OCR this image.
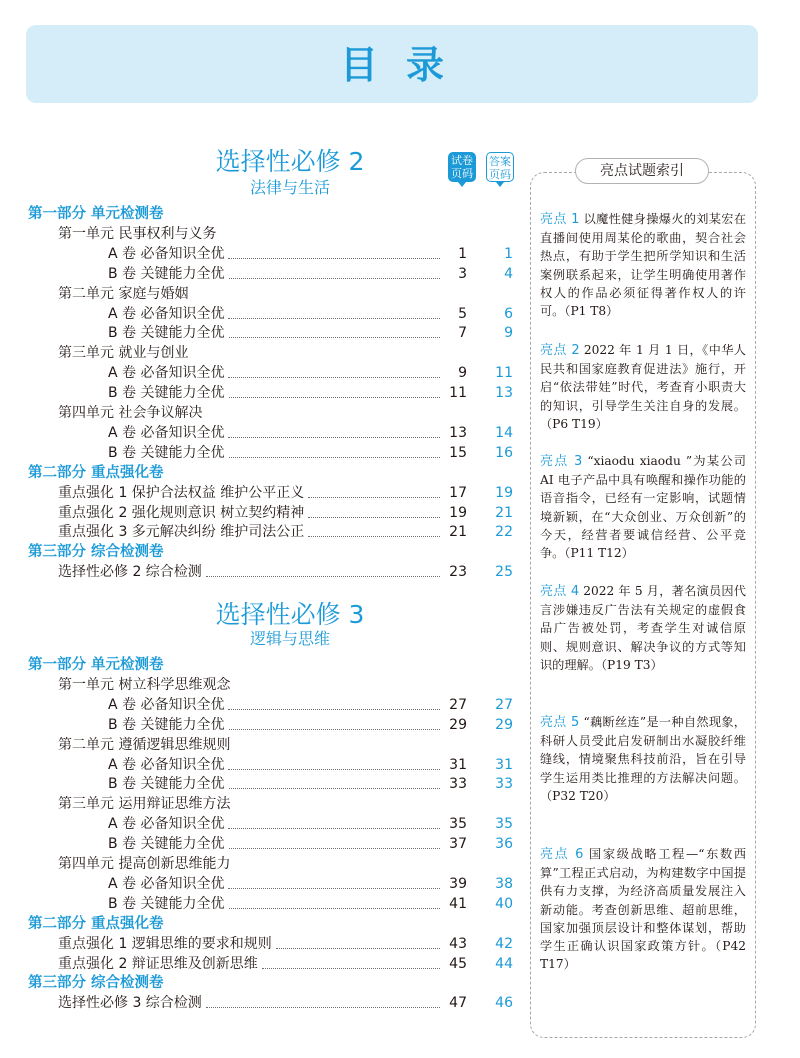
目录
选择性必修 2
法律与生活
试卷
页码
答案
页码
选择性必修 3
逻辑与思维
第一部分 单元检测卷
第一单元 民事权利与义务
A 卷 必备知识全优	1	1
B 卷 关键能力全优	3	4
第二单元 家庭与婚姻
A 卷 必备知识全优	5	6
B 卷 关键能力全优	7	9
第三单元 就业与创业
A 卷 必备知识全优	9	11
B 卷 关键能力全优	11	13
第四单元 社会争议解决
A 卷 必备知识全优	13	14
B 卷 关键能力全优	15	16
第二部分 重点强化卷
重点强化 1 保护合法权益 维护公平正义	17	19
重点强化 2 强化规则意识 树立契约精神	19	21
重点强化 3 多元解决纠纷 维护司法公正	21	22
第三部分 综合检测卷
选择性必修 2 综合检测	23	25
第一部分 单元检测卷
第一单元 树立科学思维观念
A 卷 必备知识全优	27	27
B 卷 关键能力全优	29	29
第二单元 遵循逻辑思维规则
A 卷 必备知识全优	31	31
B 卷 关键能力全优	33	33
第三单元 运用辩证思维方法
A 卷 必备知识全优	35	35
B 卷 关键能力全优	37	36
第四单元 提高创新思维能力
A 卷 必备知识全优	39	38
B 卷 关键能力全优	41	40
第二部分 重点强化卷
重点强化 1 逻辑思维的要求和规则	43	42
重点强化 2 辩证思维及创新思维	45	44
第三部分 综合检测卷
选择性必修 3 综合检测	47	46
亮点试题索引
亮点 1 以魔性健身操爆火的刘某宏在直播间使用周某伦的歌曲，契合社会热点，有助于学生把所学知识和生活案例联系起来，让学生明确使用著作权人的作品必须征得著作权人的许可。（P1 T8）
亮点 2 2022 年 1 月 1 日，《中华人民共和国家庭教育促进法》施行，开启“依法带娃”时代，考查育小职责大的知识，引导学生关注自身的发展。（P6 T19）
亮点 3 “xiaodu xiaodu ”为某公司 AI 电子产品中具有唤醒和操作功能的语音指令，已经有一定影响，试题情境新颖，在“大众创业、万众创新”的今天，经营者要诚信经营、公平竞争。（P11 T12）
亮点 4 2022 年 5 月，著名演员因代言涉嫌违反广告法有关规定的虚假食品广告被处罚，考查学生对诚信原则、规则意识、解决争议的方式等知识的理解。（P19 T3）
亮点 5 “藕断丝连”是一种自然现象，科研人员受此启发研制出水凝胶纤维缝线，情境聚焦科技前沿，旨在引导学生运用类比推理的方法解决问题。（P32 T20）
亮点 6 国家级战略工程—“东数西算”工程正式启动，为构建数字中国提供有力支撑，为经济高质量发展注入新动能。考查创新思维、超前思维，国家加强顶层设计和整体谋划，帮助学生正确认识国家政策方针。（P42 T17）
